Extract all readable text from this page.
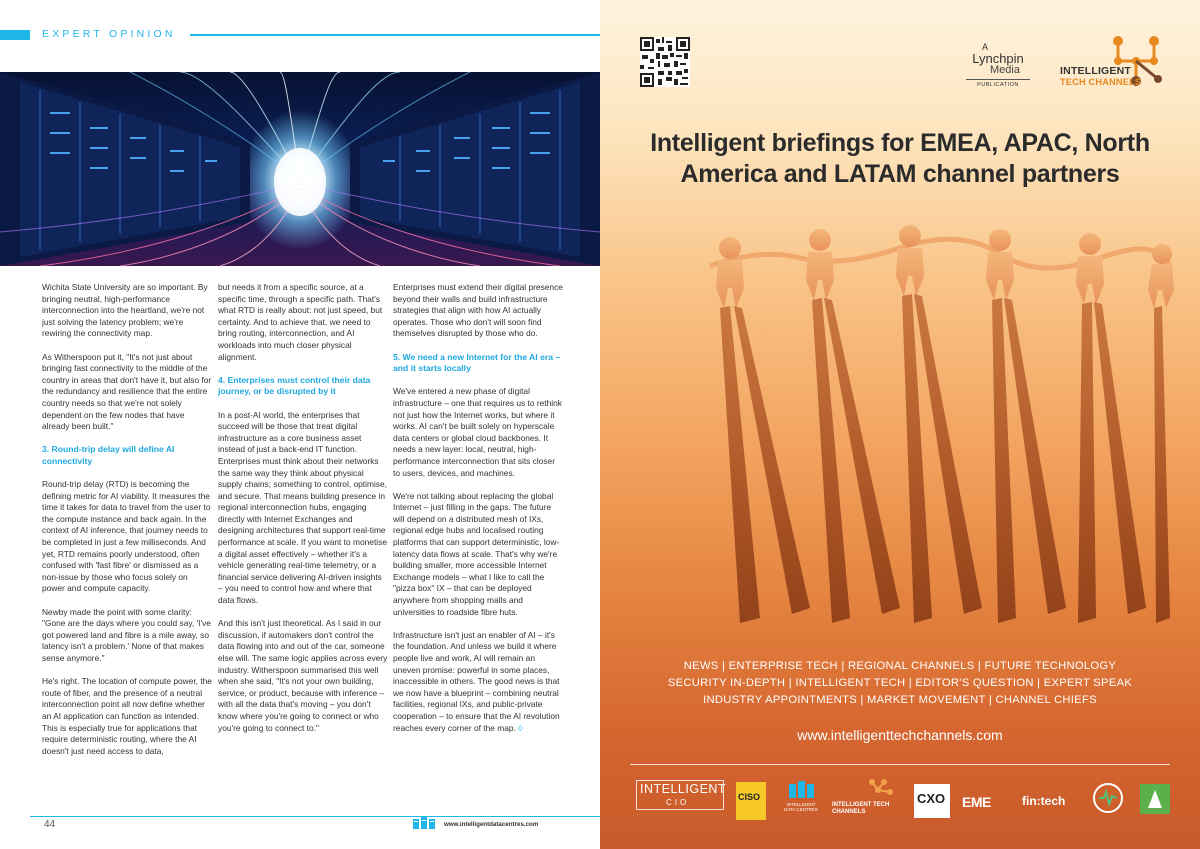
EXPERT OPINION

Wichita State University are so important. By bringing neutral, high-performance interconnection into the heartland, we're not just solving the latency problem; we're rewiring the connectivity map.

As Witherspoon put it, "It's not just about bringing fast connectivity to the middle of the country in areas that don't have it, but also for the redundancy and resilience that the entire country needs so that we're not solely dependent on the few nodes that have already been built."

3. Round-trip delay will define AI connectivity

Round-trip delay (RTD) is becoming the defining metric for AI viability. It measures the time it takes for data to travel from the user to the compute instance and back again. In the context of AI inference, that journey needs to be completed in just a few milliseconds. And yet, RTD remains poorly understood, often confused with 'fast fibre' or dismissed as a non-issue by those who focus solely on power and compute capacity.

Newby made the point with some clarity: "Gone are the days where you could say, 'I've got powered land and fibre is a mile away, so latency isn't a problem.' None of that makes sense anymore."

He's right. The location of compute power, the route of fiber, and the presence of a neutral interconnection point all now define whether an AI application can function as intended. This is especially true for applications that require deterministic routing, where the AI doesn't just need access to data,

but needs it from a specific source, at a specific time, through a specific path. That's what RTD is really about: not just speed, but certainty. And to achieve that, we need to bring routing, interconnection, and AI workloads into much closer physical alignment.

4. Enterprises must control their data journey, or be disrupted by it

In a post-AI world, the enterprises that succeed will be those that treat digital infrastructure as a core business asset instead of just a back-end IT function. Enterprises must think about their networks the same way they think about physical supply chains; something to control, optimise, and secure. That means building presence in regional interconnection hubs, engaging directly with Internet Exchanges and designing architectures that support real-time performance at scale. If you want to monetise a digital asset effectively – whether it's a vehicle generating real-time telemetry, or a financial service delivering AI-driven insights – you need to control how and where that data flows.

And this isn't just theoretical. As I said in our discussion, if automakers don't control the data flowing into and out of the car, someone else will. The same logic applies across every industry. Witherspoon summarised this well when she said, "It's not your own building, service, or product, because with inference – with all the data that's moving – you don't know where you're going to connect or who you're going to connect to."

Enterprises must extend their digital presence beyond their walls and build infrastructure strategies that align with how AI actually operates. Those who don't will soon find themselves disrupted by those who do.

5. We need a new Internet for the AI era – and it starts locally

We've entered a new phase of digital infrastructure – one that requires us to rethink not just how the Internet works, but where it works. AI can't be built solely on hyperscale data centers or global cloud backbones. It needs a new layer: local, neutral, high-performance interconnection that sits closer to users, devices, and machines.

We're not talking about replacing the global Internet – just filling in the gaps. The future will depend on a distributed mesh of IXs, regional edge hubs and localised routing platforms that can support deterministic, low-latency data flows at scale. That's why we're building smaller, more accessible Internet Exchange models – what I like to call the "pizza box" IX – that can be deployed anywhere from shopping malls and universities to roadside fibre huts.

Infrastructure isn't just an enabler of AI – it's the foundation. And unless we build it where people live and work, AI will remain an uneven promise: powerful in some places, inaccessible in others. The good news is that we now have a blueprint – combining neutral facilities, regional IXs, and public-private cooperation – to ensure that the AI revolution reaches every corner of the map. ◊

44	www.intelligentdatacentres.com
A
Lynchpin
Media
PUBLICATION
INTELLIGENT
TECH CHANNELS
Intelligent briefings for EMEA, APAC, North America and LATAM channel partners
NEWS | ENTERPRISE TECH | REGIONAL CHANNELS | FUTURE TECHNOLOGY
SECURITY IN-DEPTH | INTELLIGENT TECH | EDITOR'S QUESTION | EXPERT SPEAK
INDUSTRY APPOINTMENTS | MARKET MOVEMENT | CHANNEL CHIEFS
www.intelligenttechchannels.com
INTELLIGENT
CIO
CISO
INTELLIGENT DATA CENTRES
INTELLIGENT TECH CHANNELS
CXO EME	fin:tech
